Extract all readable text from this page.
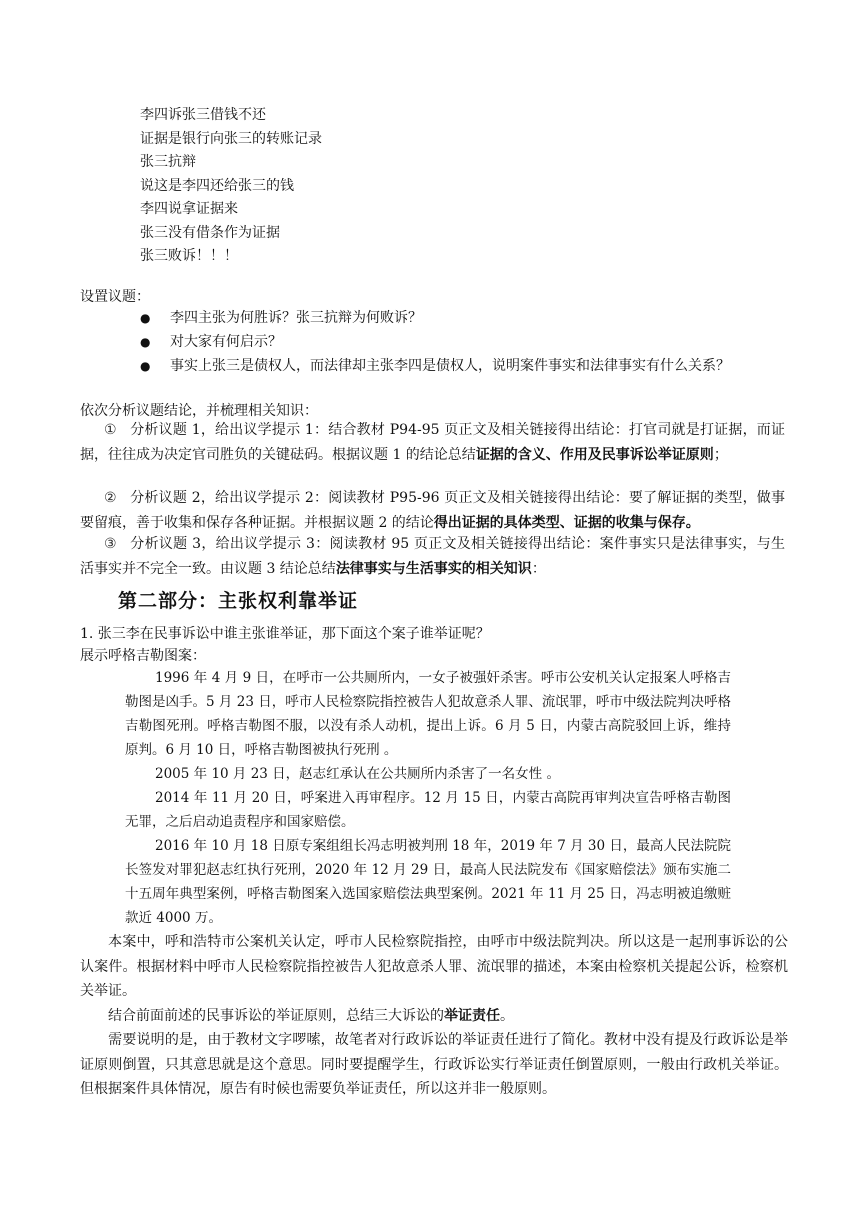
李四诉张三借钱不还
证据是银行向张三的转账记录
张三抗辩
说这是李四还给张三的钱
李四说拿证据来
张三没有借条作为证据
张三败诉！！！
设置议题：
●	李四主张为何胜诉？张三抗辩为何败诉？
●	对大家有何启示？
●	事实上张三是债权人，而法律却主张李四是债权人，说明案件事实和法律事实有什么关系？
依次分析议题结论，并梳理相关知识：
① 分析议题 1，给出议学提示 1：结合教材 P94-95 页正文及相关链接得出结论：打官司就是打证据，而证据，往往成为决定官司胜负的关键砝码。根据议题 1 的结论总结证据的含义、作用及民事诉讼举证原则；
② 分析议题 2，给出议学提示 2：阅读教材 P95-96 页正文及相关链接得出结论：要了解证据的类型，做事要留痕，善于收集和保存各种证据。并根据议题 2 的结论得出证据的具体类型、证据的收集与保存。
③ 分析议题 3，给出议学提示 3：阅读教材 95 页正文及相关链接得出结论：案件事实只是法律事实，与生活事实并不完全一致。由议题 3 结论总结法律事实与生活事实的相关知识：
第二部分：主张权利靠举证
1. 张三李在民事诉讼中谁主张谁举证，那下面这个案子谁举证呢？
展示呼格吉勒图案：
1996 年 4 月 9 日，在呼市一公共厕所内，一女子被强奸杀害。呼市公安机关认定报案人呼格吉勒图是凶手。5 月 23 日，呼市人民检察院指控被告人犯故意杀人罪、流氓罪，呼市中级法院判决呼格吉勒图死刑。呼格吉勒图不服，以没有杀人动机，提出上诉。6 月 5 日，内蒙古高院驳回上诉，维持原判。6 月 10 日，呼格吉勒图被执行死刑 。
2005 年 10 月 23 日，赵志红承认在公共厕所内杀害了一名女性 。
2014 年 11 月 20 日，呼案进入再审程序。12 月 15 日，内蒙古高院再审判决宣告呼格吉勒图无罪，之后启动追责程序和国家赔偿。
2016 年 10 月 18 日原专案组组长冯志明被判刑 18 年，2019 年 7 月 30 日，最高人民法院院长签发对罪犯赵志红执行死刑，2020 年 12 月 29 日，最高人民法院发布《国家赔偿法》颁布实施二十五周年典型案例，呼格吉勒图案入选国家赔偿法典型案例。2021 年 11 月 25 日，冯志明被追缴赃款近 4000 万。
本案中，呼和浩特市公案机关认定，呼市人民检察院指控，由呼市中级法院判决。所以这是一起刑事诉讼的公认案件。根据材料中呼市人民检察院指控被告人犯故意杀人罪、流氓罪的描述，本案由检察机关提起公诉，检察机关举证。
结合前面前述的民事诉讼的举证原则，总结三大诉讼的举证责任。
需要说明的是，由于教材文字啰嗦，故笔者对行政诉讼的举证责任进行了简化。教材中没有提及行政诉讼是举证原则倒置，只其意思就是这个意思。同时要提醒学生，行政诉讼实行举证责任倒置原则，一般由行政机关举证。但根据案件具体情况，原告有时候也需要负举证责任，所以这并非一般原则。
